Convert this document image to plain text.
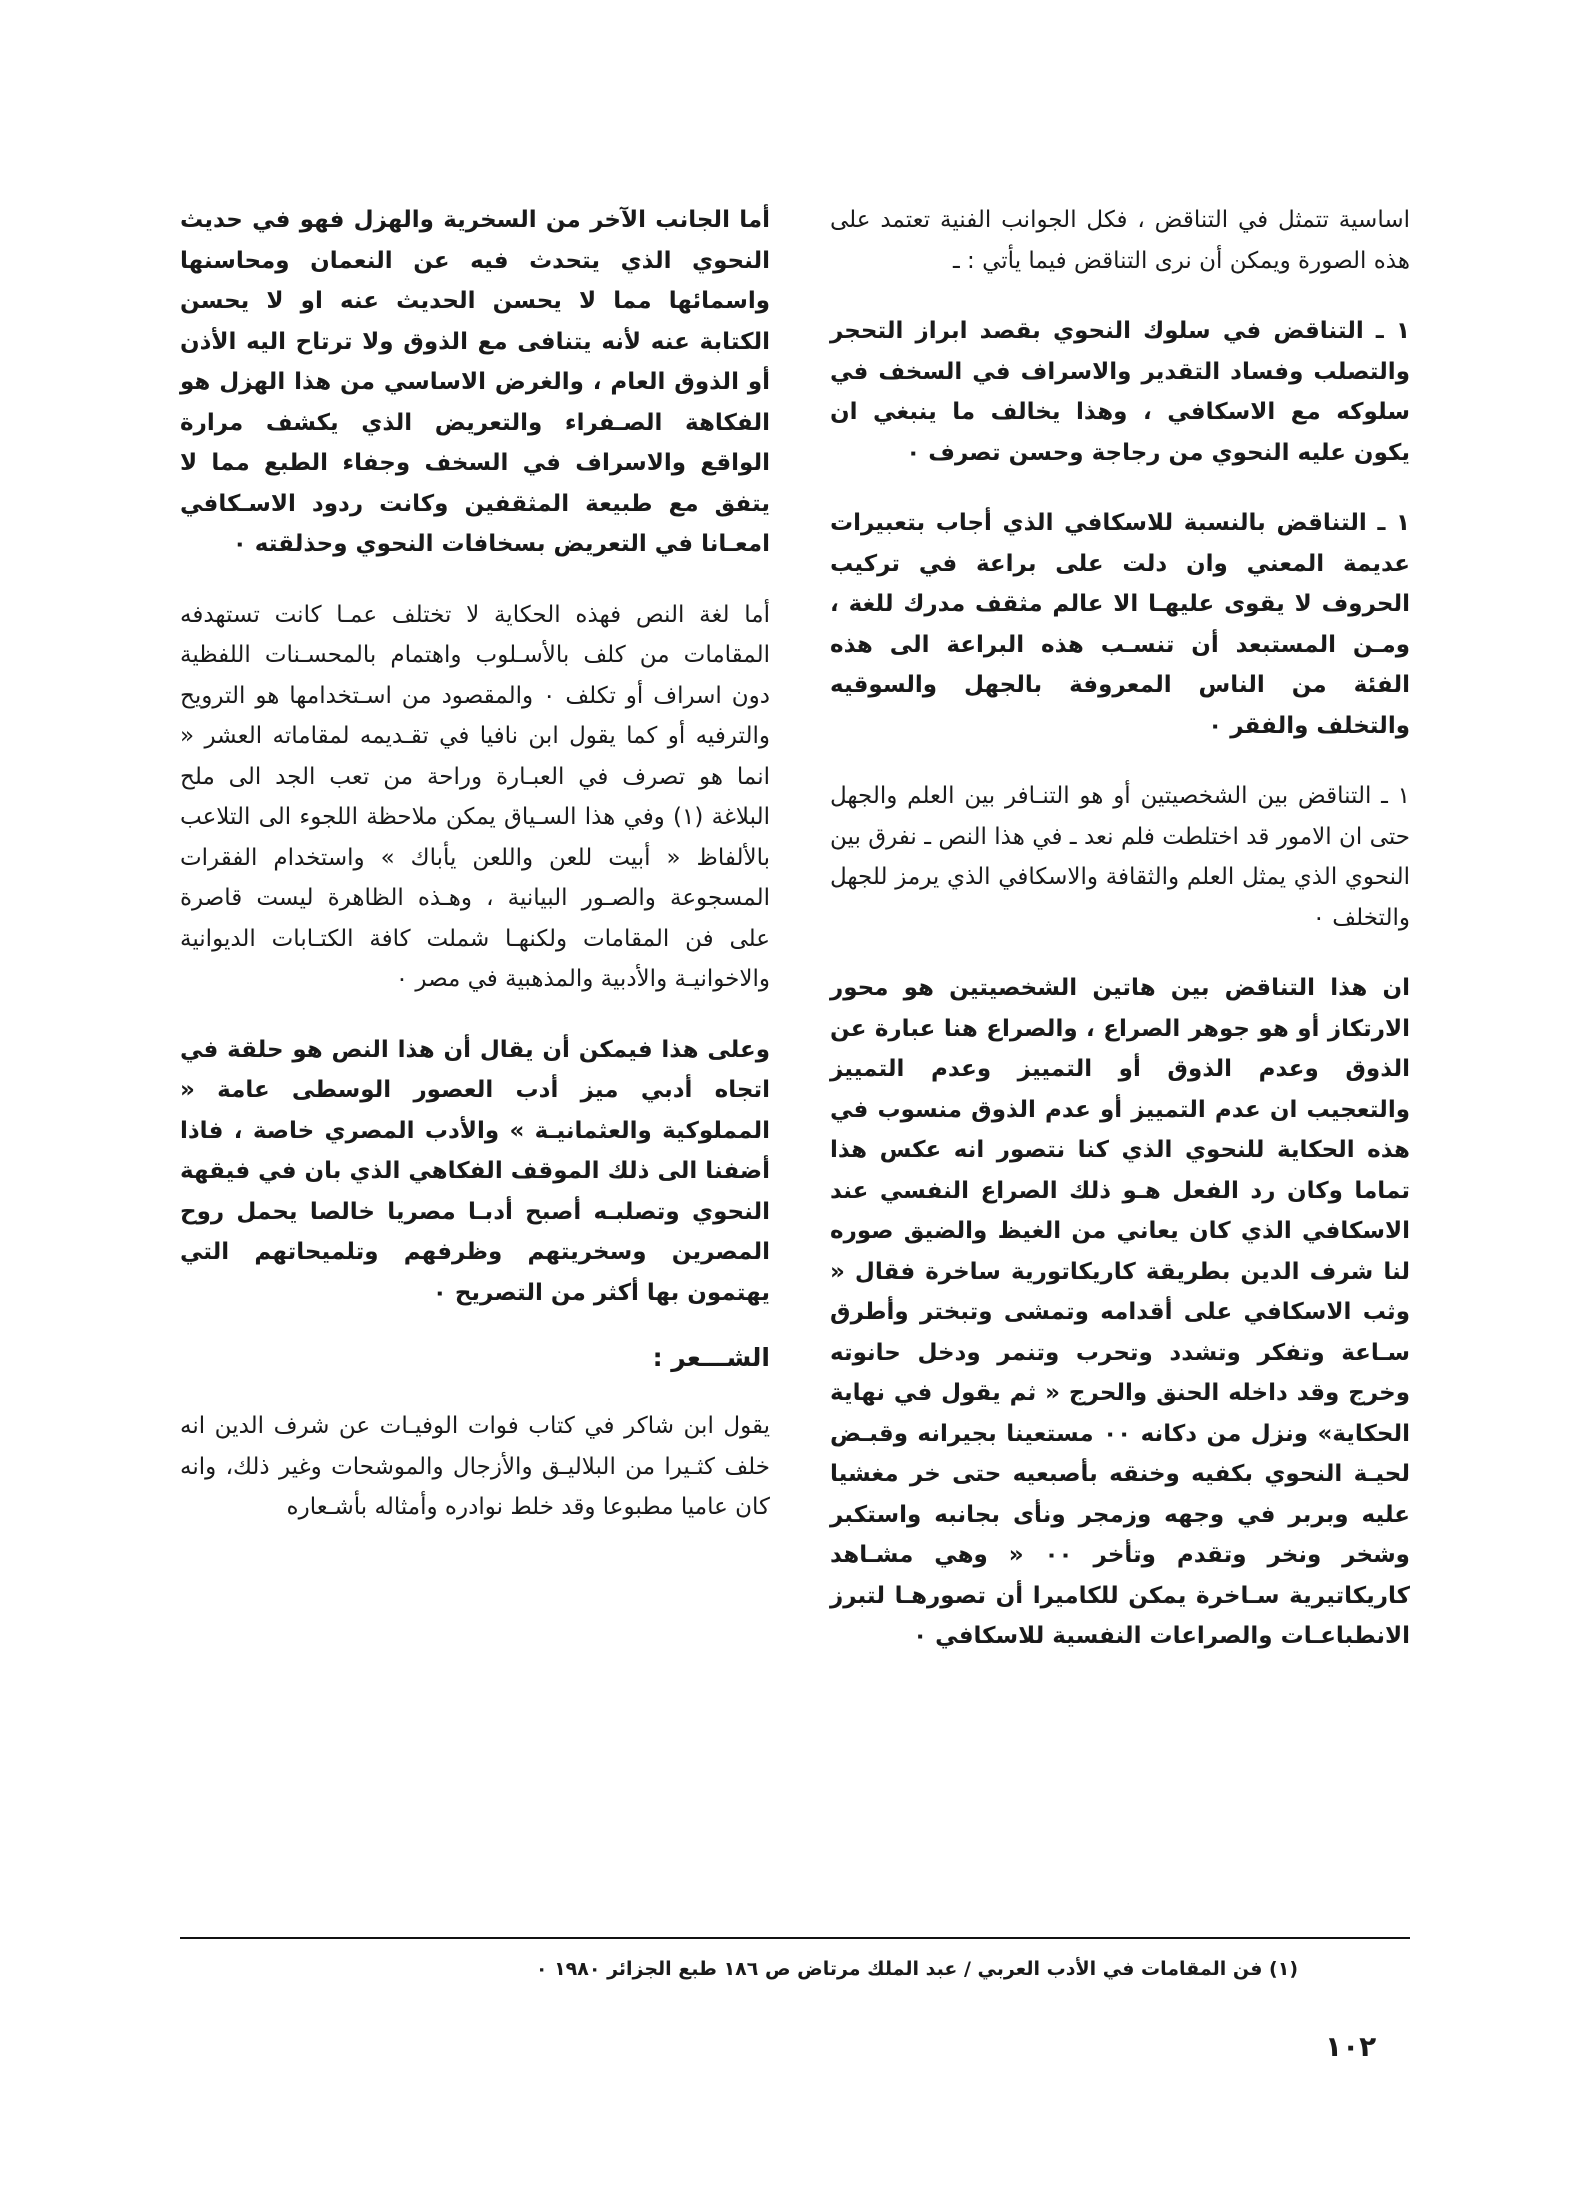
اساسية تتمثل في التناقض ، فكل الجوانب الفنية تعتمد على هذه الصورة ويمكن أن نرى التناقض فيما يأتي : ـ

١ ـ التناقض في سلوك النحوي بقصد ابراز التحجر والتصلب وفساد التقدير والاسراف في السخف في سلوكه مع الاسكافي ، وهذا يخالف ما ينبغي ان يكون عليه النحوي من رجاجة وحسن تصرف ٠

١ ـ التناقض بالنسبة للاسكافي الذي أجاب بتعبيرات عديمة المعني وان دلت على براعة في تركيب الحروف لا يقوى عليهـا الا عالم مثقف مدرك للغة ، ومـن المستبعد أن تنسـب هذه البراعة الى هذه الفئة من الناس المعروفة بالجهل والسوقيه والتخلف والفقر ٠

١ ـ التناقض بين الشخصيتين أو هو التنـافر بين العلم والجهل حتى ان الامور قد اختلطت فلم نعد ـ في هذا النص ـ نفرق بين النحوي الذي يمثل العلم والثقافة والاسكافي الذي يرمز للجهل والتخلف ٠

ان هذا التناقض بين هاتين الشخصيتين هو محور الارتكاز أو هو جوهر الصراع ، والصراع هنا عبارة عن الذوق وعدم الذوق أو التمييز وعدم التمييز والتعجيب ان عدم التمييز أو عدم الذوق منسوب في هذه الحكاية للنحوي الذي كنا نتصور انه عكس هذا تماما وكان رد الفعل هـو ذلك الصراع النفسي عند الاسكافي الذي كان يعاني من الغيظ والضيق صوره لنا شرف الدين بطريقة كاريكاتورية ساخرة فقال « وثب الاسكافي على أقدامه وتمشى وتبختر وأطرق سـاعة وتفكر وتشدد وتحرب وتنمر ودخل حانوته وخرج وقد داخله الحنق والحرج « ثم يقول في نهاية الحكاية» ونزل من دكانه ٠٠ مستعينا بجيرانه وقبـض لحيـة النحوي بكفيه وخنقه بأصبعيه حتى خر مغشيا عليه وبربر في وجهه وزمجر ونأى بجانبه واستكبر وشخر ونخر وتقدم وتأخر ٠٠ « وهي مشـاهد كاريكاتيرية سـاخرة يمكن للكاميرا أن تصورهـا لتبرز الانطباعـات والصراعات النفسية للاسكافي ٠

أما الجانب الآخر من السخرية والهزل فهو في حديث النحوي الذي يتحدث فيه عن النعمان ومحاسنها واسمائها مما لا يحسن الحديث عنه او لا يحسن الكتابة عنه لأنه يتنافى مع الذوق ولا ترتاح اليه الأذن أو الذوق العام ، والغرض الاساسي من هذا الهزل هو الفكاهة الصـفراء والتعريض الذي يكشف مرارة الواقع والاسراف في السخف وجفاء الطبع مما لا يتفق مع طبيعة المثقفين وكانت ردود الاسـكافي امعـانا في التعريض بسخافات النحوي وحذلقته ٠

أما لغة النص فهذه الحكاية لا تختلف عمـا كانت تستهدفه المقامات من كلف بالأسـلوب واهتمام بالمحسـنات اللفظية دون اسراف أو تكلف ٠ والمقصود من اسـتخدامها هو الترويح والترفيه أو كما يقول ابن نافيا في تقـديمه لمقاماته العشر « انما هو تصرف في العبـارة وراحة من تعب الجد الى ملح البلاغة (١) وفي هذا السـياق يمكن ملاحظة اللجوء الى التلاعب بالألفاظ « أبيت للعن واللعن يأباك » واستخدام الفقرات المسجوعة والصـور البيانية ، وهـذه الظاهرة ليست قاصرة على فن المقامات ولكنهـا شملت كافة الكتـابات الديوانية والاخوانيـة والأدبية والمذهبية في مصر ٠

وعلى هذا فيمكن أن يقال أن هذا النص هو حلقة في اتجاه أدبي ميز أدب العصور الوسطى عامة « المملوكية والعثمانيـة » والأدب المصري خاصة ، فاذا أضفنا الى ذلك الموقف الفكاهي الذي بان في فيقهة النحوي وتصلبـه أصبح أدبـا مصريا خالصا يحمل روح المصرين وسخريتهم وظرفهم وتلميحاتهم التي يهتمون بها أكثر من التصريح ٠

الشـــعر :

يقول ابن شاكر في كتاب فوات الوفيـات عن شرف الدين انه خلف كثـيرا من البلاليـق والأزجال والموشحات وغير ذلك، وانه كان عاميا مطبوعا وقد خلط نوادره وأمثاله بأشـعاره

(١) فن المقامات في الأدب العربي / عبد الملك مرتاض ص ١٨٦ طبع الجزائر ١٩٨٠ ٠
١٠٢
